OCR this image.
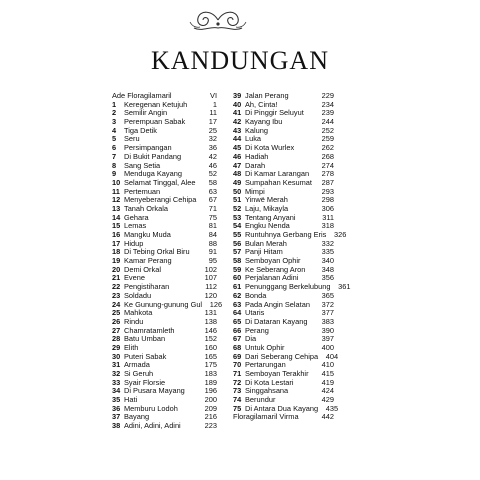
KANDUNGAN
Ade Floragilamaril	VI
1	Keregenan Ketujuh	1
2	Semilir Angin	11
3	Perempuan Sabak	17
4	Tiga Detik	25
5	Seru	32
6	Persimpangan	36
7	Di Bukit Pandang	42
8	Sang Setia	46
9	Menduga Kayang	52
10 Selamat Tinggal, Alee	58
11 Pertemuan	63
12 Menyeberangi Cehipa	67
13 Tanah Orkala	71
14 Gehara	75
15 Lemas	81
16 Mangku Muda	84
17 Hidup	88
18 Di Tebing Orkal Biru	91
19 Kamar Perang	95
20 Demi Orkal	102
21 Evene	107
22 Pengistiharan	112
23 Soldadu	120
24 Ke Gunung-gunung Gul	126
25 Mahkota	131
26 Rindu	138
27 Chamratamleth	146
28 Batu Umban	152
29 Elith	160
30 Puteri Sabak	165
31 Armada	175
32 Si Geruh	183
33 Syair Florsie	189
34 Di Pusara Mayang	196
35 Hati	200
36 Memburu Lodoh	209
37 Bayang	216
38 Adini, Adini, Adini	223
39 Jalan Perang	229
40 Ah, Cinta!	234
41 Di Pinggir Seluyut	239
42 Kayang Ibu	244
43 Kalung	252
44 Luka	259
45 Di Kota Wurlex	262
46 Hadiah	268
47 Darah	274
48 Di Kamar Larangan	278
49 Sumpahan Kesumat	287
50 Mimpi	293
51 Yinwë Merah	298
52 Laju, Mikayla	306
53 Tentang Anyani	311
54 Engku Nenda	318
55 Runtuhnya Gerbang Eris	326
56 Bulan Merah	332
57 Panji Hitam	335
58 Semboyan Ophir	340
59 Ke Seberang Aron	348
60 Perjalanan Adini	356
61 Penunggang Berkelubung	361
62 Bonda	365
63 Pada Angin Selatan	372
64 Utaris	377
65 Di Dataran Kayang	383
66 Perang	390
67 Dia	397
68 Untuk Ophir	400
69 Dari Seberang Cehipa	404
70 Pertarungan	410
71 Semboyan Terakhir	415
72 Di Kota Lestari	419
73 Singgahsana	424
74 Berundur	429
75 Di Antara Dua Kayang	435
Floragilamaril Virma	442
